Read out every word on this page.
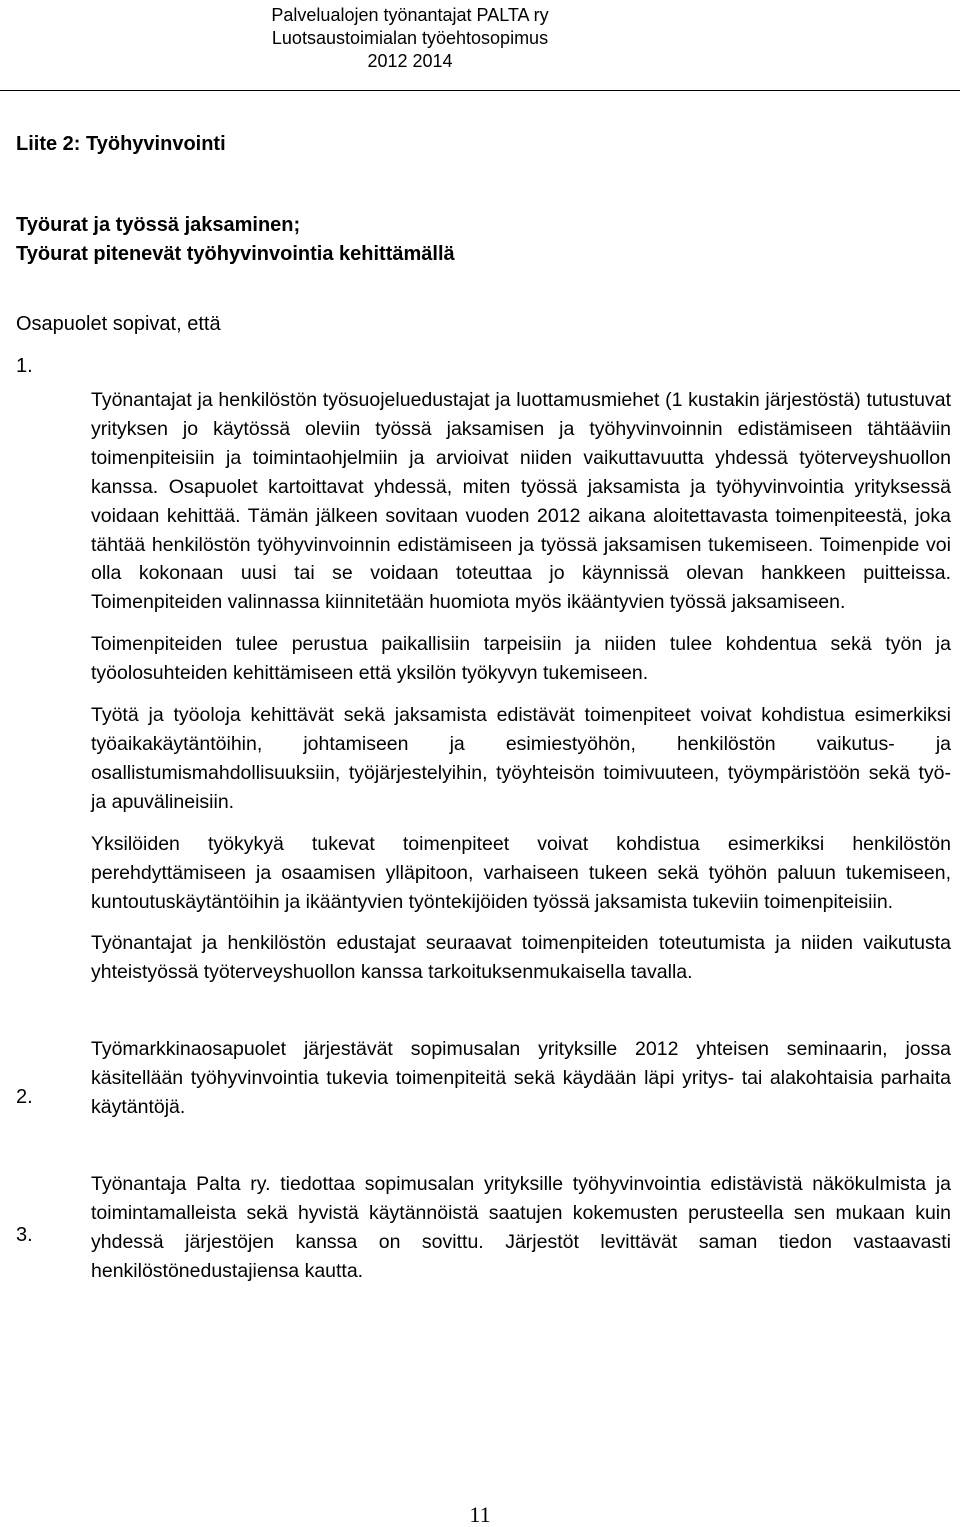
Palvelualojen työnantajat PALTA ry
Luotsaustoimialan työehtosopimus
2012 2014
Liite 2: Työhyvinvointi
Työurat ja työssä jaksaminen;
Työurat pitenevät työhyvinvointia kehittämällä

Osapuolet sopivat, että

1.
2.
3.

Työnantajat ja henkilöstön työsuojeluedustajat ja luottamusmiehet (1 kustakin järjestöstä) tutustuvat yrityksen jo käytössä oleviin työssä jaksamisen ja työhyvinvoinnin edistämiseen tähtääviin toimenpiteisiin ja toimintaohjelmiin ja arvioivat niiden vaikuttavuutta yhdessä työterveyshuollon kanssa. Osapuolet kartoittavat yhdessä, miten työssä jaksamista ja työhyvinvointia yrityksessä voidaan kehittää. Tämän jälkeen sovitaan vuoden 2012 aikana aloitettavasta toimenpiteestä, joka tähtää henkilöstön työhyvinvoinnin edistämiseen ja työssä jaksamisen tukemiseen. Toimenpide voi olla kokonaan uusi tai se voidaan toteuttaa jo käynnissä olevan hankkeen puitteissa. Toimenpiteiden valinnassa kiinnitetään huomiota myös ikääntyvien työssä jaksamiseen.

Toimenpiteiden tulee perustua paikallisiin tarpeisiin ja niiden tulee kohdentua sekä työn ja työolosuhteiden kehittämiseen että yksilön työkyvyn tukemiseen.

Työtä ja työoloja kehittävät sekä jaksamista edistävät toimenpiteet voivat kohdistua esimerkiksi työaikakäytäntöihin, johtamiseen ja esimiestyöhön, henkilöstön vaikutus- ja osallistumismahdollisuuksiin, työjärjestelyihin, työyhteisön toimivuuteen, työympäristöön sekä työ- ja apuvälineisiin.

Yksilöiden työkykyä tukevat toimenpiteet voivat kohdistua esimerkiksi henkilöstön perehdyttämiseen ja osaamisen ylläpitoon, varhaiseen tukeen sekä työhön paluun tukemiseen, kuntoutuskäytäntöihin ja ikääntyvien työntekijöiden työssä jaksamista tukeviin toimenpiteisiin.

Työnantajat ja henkilöstön edustajat seuraavat toimenpiteiden toteutumista ja niiden vaikutusta yhteistyössä työterveyshuollon kanssa tarkoituksenmukaisella tavalla.

Työmarkkinaosapuolet järjestävät sopimusalan yrityksille 2012 yhteisen seminaarin, jossa käsitellään työhyvinvointia tukevia toimenpiteitä sekä käydään läpi yritys- tai alakohtaisia parhaita käytäntöjä.

Työnantaja Palta ry. tiedottaa sopimusalan yrityksille työhyvinvointia edistävistä näkökulmista ja toimintamalleista sekä hyvistä käytännöistä saatujen kokemusten perusteella sen mukaan kuin yhdessä järjestöjen kanssa on sovittu. Järjestöt levittävät saman tiedon vastaavasti henkilöstönedustajiensa kautta.

11
